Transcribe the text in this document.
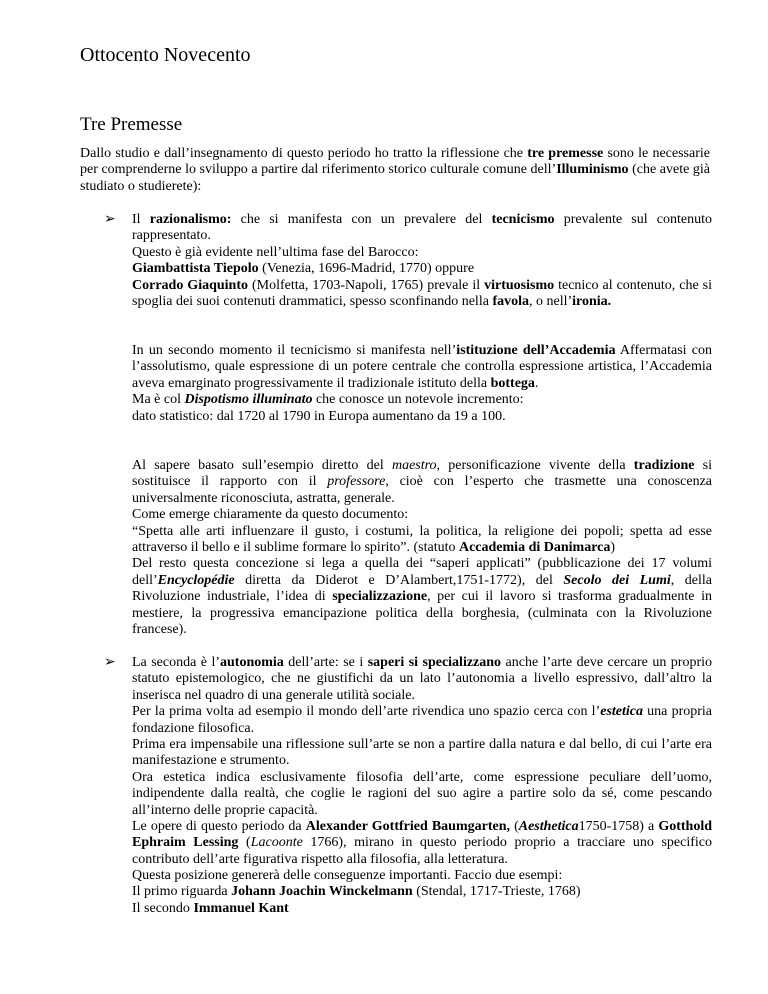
Ottocento Novecento
Tre Premesse
Dallo studio e dall’insegnamento di questo periodo ho tratto la riflessione che tre premesse sono le necessarie per comprenderne lo sviluppo a partire dal riferimento storico culturale comune dell’Illuminismo (che avete già studiato o studierete):
➢	Il razionalismo: che si manifesta con un prevalere del tecnicismo prevalente sul contenuto rappresentato.

Questo è già evidente nell’ultima fase del Barocco:

Giambattista Tiepolo (Venezia, 1696-Madrid, 1770) oppure

Corrado Giaquinto (Molfetta, 1703-Napoli, 1765) prevale il virtuosismo tecnico al contenuto, che si spoglia dei suoi contenuti drammatici, spesso sconfinando nella favola, o nell’ironia.

In un secondo momento il tecnicismo si manifesta nell’istituzione dell’Accademia Affermatasi con l’assolutismo, quale espressione di un potere centrale che controlla espressione artistica, l’Accademia aveva emarginato progressivamente il tradizionale istituto della bottega.

Ma è col Dispotismo illuminato che conosce un notevole incremento:

dato statistico: dal 1720 al 1790 in Europa aumentano da 19 a 100.

Al sapere basato sull’esempio diretto del maestro, personificazione vivente della tradizione si sostituisce il rapporto con il professore, cioè con l’esperto che trasmette una conoscenza universalmente riconosciuta, astratta, generale.

Come emerge chiaramente da questo documento:

“Spetta alle arti influenzare il gusto, i costumi, la politica, la religione dei popoli; spetta ad esse attraverso il bello e il sublime formare lo spirito”. (statuto Accademia di Danimarca)

Del resto questa concezione si lega a quella dei “saperi applicati” (pubblicazione dei 17 volumi dell’Encyclopédie diretta da Diderot e D’Alambert,1751-1772), del Secolo dei Lumi, della Rivoluzione industriale, l’idea di specializzazione, per cui il lavoro si trasforma gradualmente in mestiere, la progressiva emancipazione politica della borghesia, (culminata con la Rivoluzione francese).

➢	La seconda è l’autonomia dell’arte: se i saperi si specializzano anche l’arte deve cercare un proprio statuto epistemologico, che ne giustifichi da un lato l’autonomia a livello espressivo, dall’altro la inserisca nel quadro di una generale utilità sociale.

Per la prima volta ad esempio il mondo dell’arte rivendica uno spazio cerca con l’estetica una propria fondazione filosofica.

Prima era impensabile una riflessione sull’arte se non a partire dalla natura e dal bello, di cui l’arte era manifestazione e strumento.

Ora estetica indica esclusivamente filosofia dell’arte, come espressione peculiare dell’uomo, indipendente dalla realtà, che coglie le ragioni del suo agire a partire solo da sé, come pescando all’interno delle proprie capacità.

Le opere di questo periodo da Alexander Gottfried Baumgarten, (Aesthetica1750-1758) a Gotthold Ephraim Lessing (Lacoonte 1766), mirano in questo periodo proprio a tracciare uno specifico contributo dell’arte figurativa rispetto alla filosofia, alla letteratura.

Questa posizione genererà delle conseguenze importanti. Faccio due esempi:

Il primo riguarda Johann Joachin Winckelmann (Stendal, 1717-Trieste, 1768)

Il secondo Immanuel Kant
